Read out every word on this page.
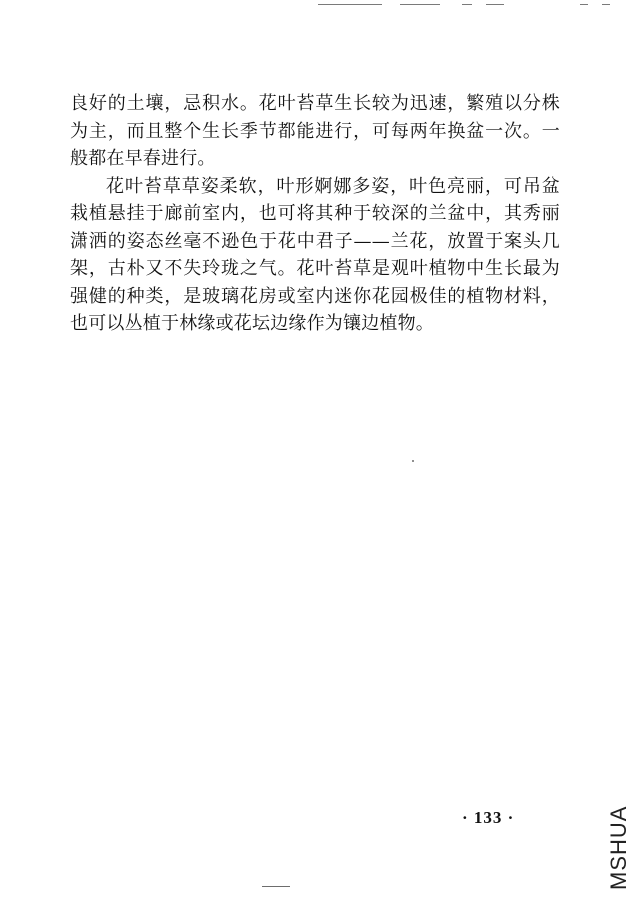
良好的土壤，忌积水。花叶苔草生长较为迅速，繁殖以分株为主，而且整个生长季节都能进行，可每两年换盆一次。一般都在早春进行。

花叶苔草草姿柔软，叶形婀娜多姿，叶色亮丽，可吊盆栽植悬挂于廊前室内，也可将其种于较深的兰盆中，其秀丽潇洒的姿态丝毫不逊色于花中君子——兰花，放置于案头几架，古朴又不失玲珑之气。花叶苔草是观叶植物中生长最为强健的种类，是玻璃花房或室内迷你花园极佳的植物材料，也可以丛植于林缘或花坛边缘作为镶边植物。

· 133 ·	MSHUA
